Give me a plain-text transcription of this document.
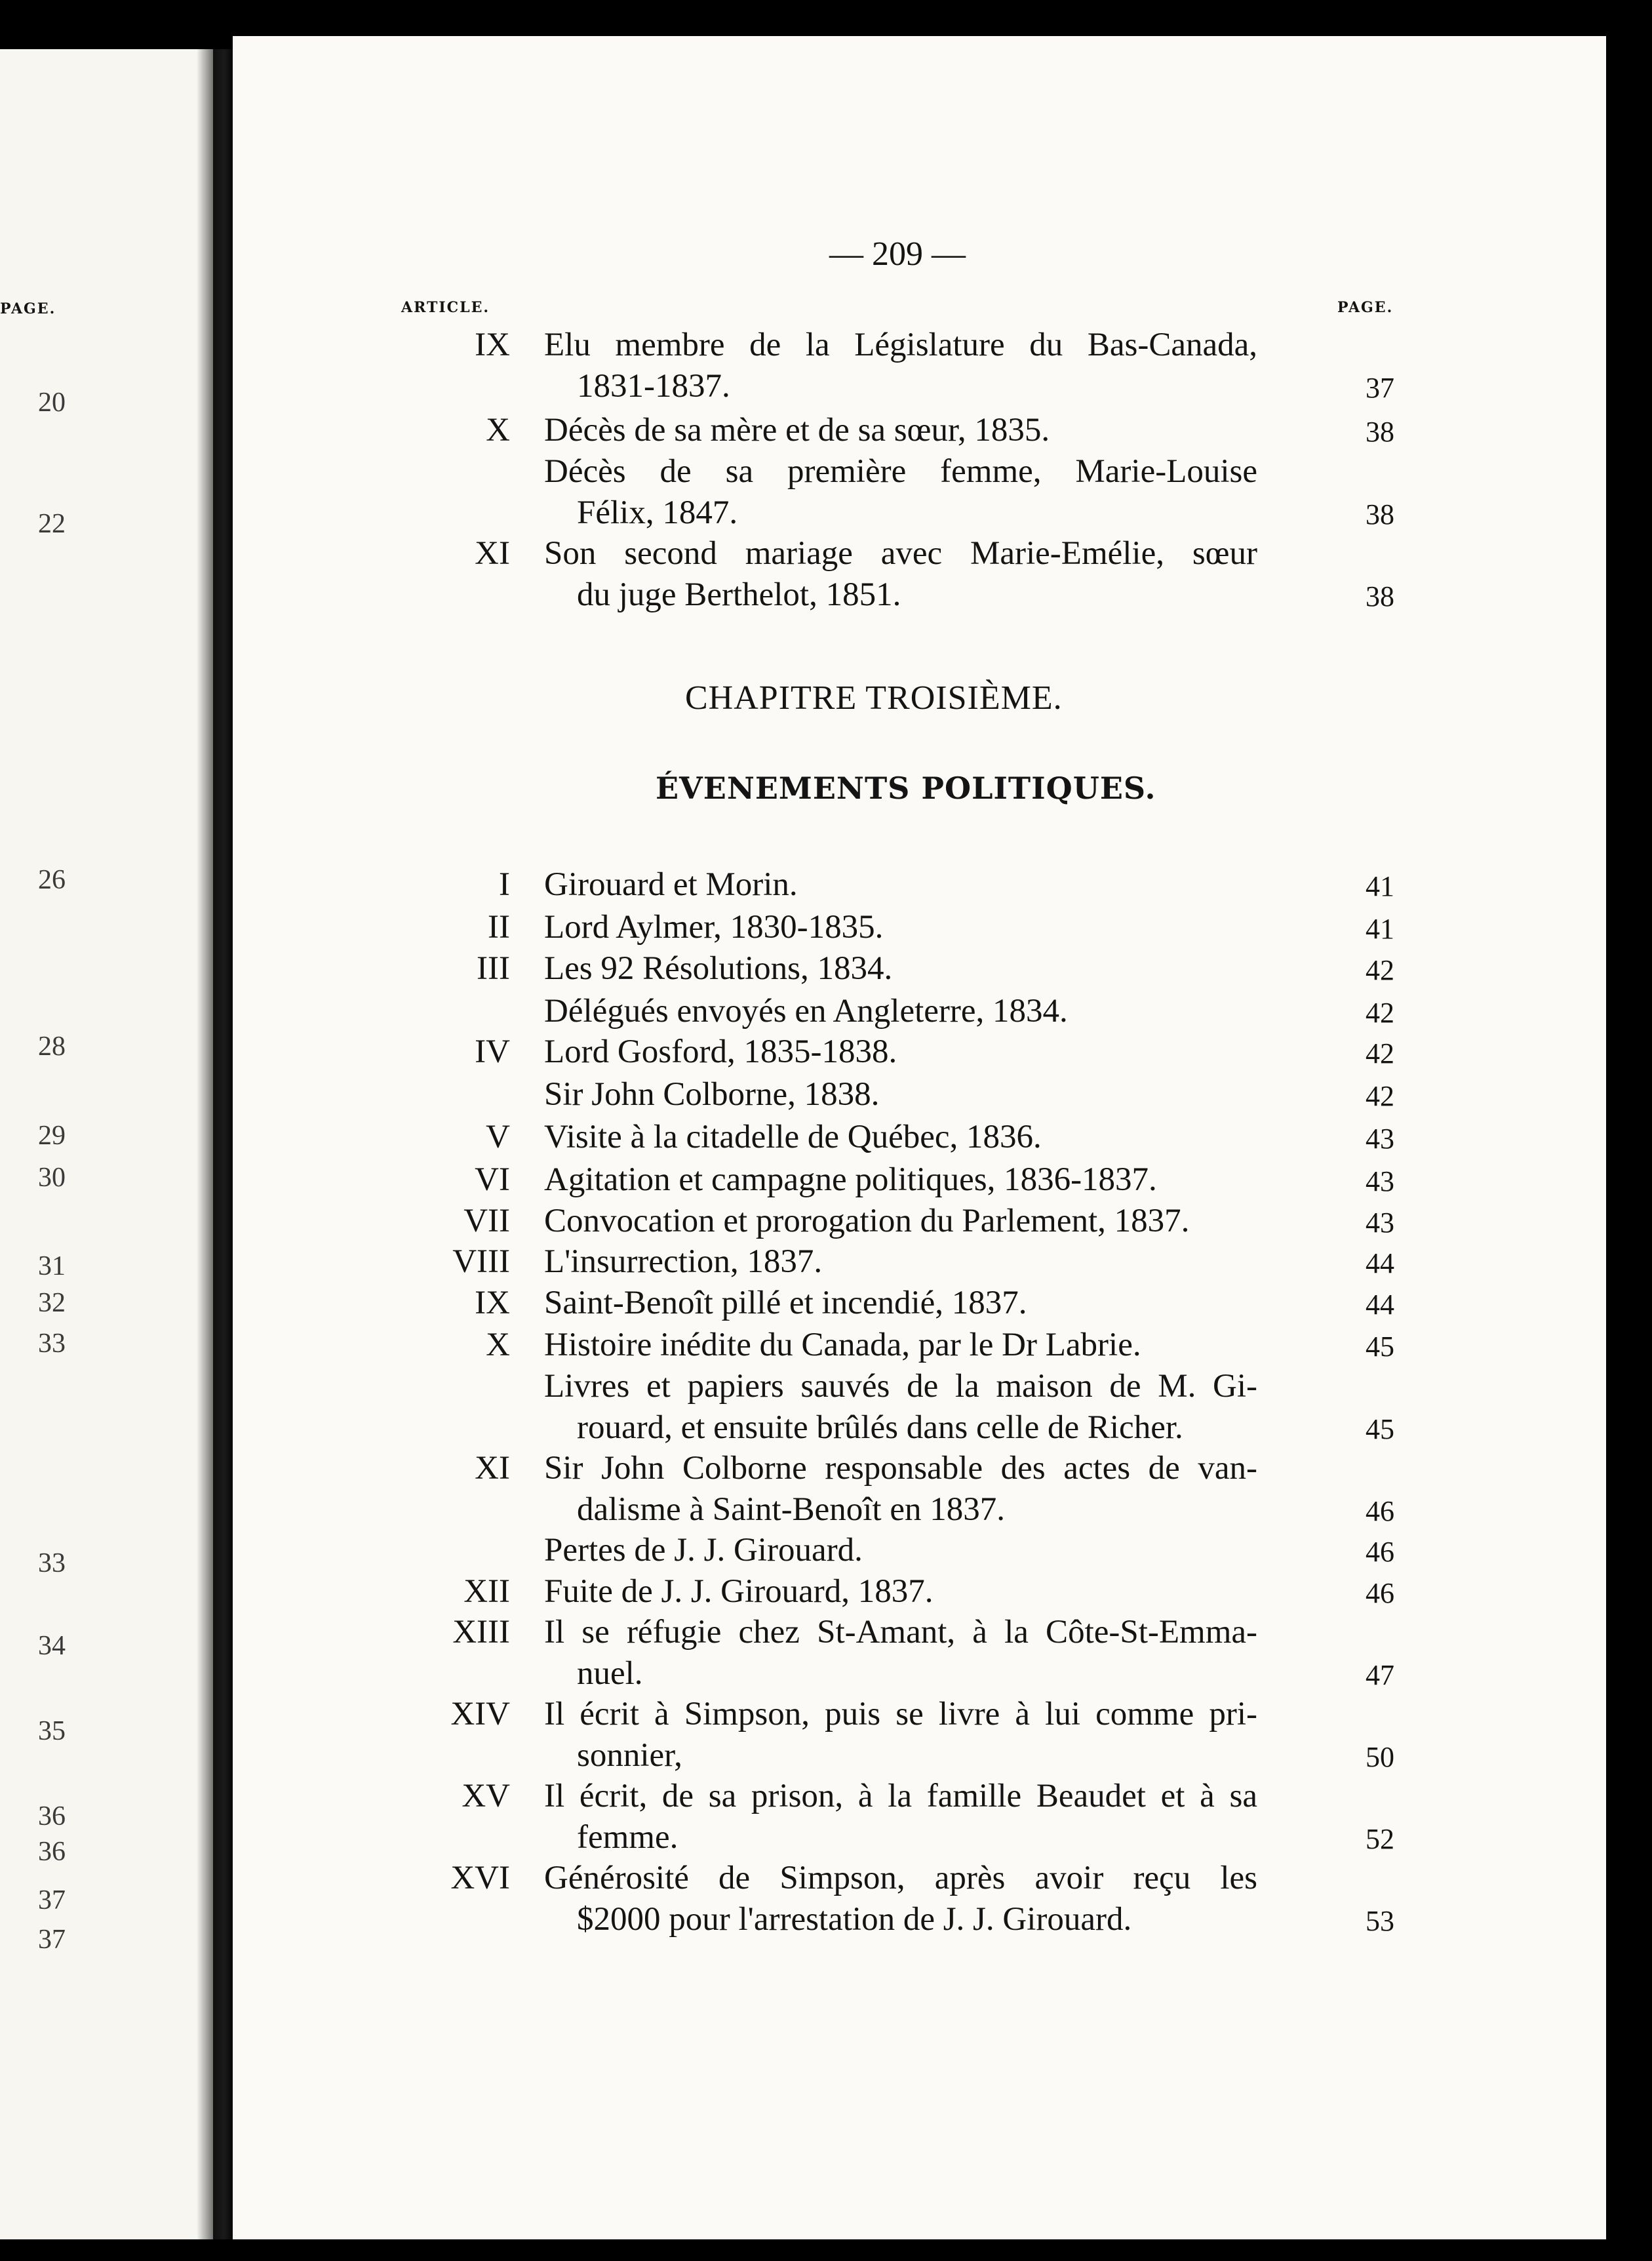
PAGE.
20
22
26
28
29
30
31
32
33
33
34
35
36
36
37
37
— 209 —
ARTICLE.	PAGE.
CHAPITRE TROISIÈME.
ÉVENEMENTS POLITIQUES.
IX Elu membre de la Législature du Bas-Canada,
1831-1837.	37
X Décès de sa mère et de sa sœur, 1835.	38
Décès de sa première femme, Marie-Louise
Félix, 1847.	38
XI Son second mariage avec Marie-Emélie, sœur
du juge Berthelot, 1851.	38
I Girouard et Morin.	41
II Lord Aylmer, 1830-1835.	41
III Les 92 Résolutions, 1834.	42
Délégués envoyés en Angleterre, 1834.	42
IV Lord Gosford, 1835-1838.	42
Sir John Colborne, 1838.	42
V Visite à la citadelle de Québec, 1836.	43
VI Agitation et campagne politiques, 1836-1837.	43
VII Convocation et prorogation du Parlement, 1837.	43
VIII L'insurrection, 1837.	44
IX Saint-Benoît pillé et incendié, 1837.	44
X Histoire inédite du Canada, par le Dr Labrie.	45
Livres et papiers sauvés de la maison de M. Gi-
rouard, et ensuite brûlés dans celle de Richer.	45
XI Sir John Colborne responsable des actes de van-
dalisme à Saint-Benoît en 1837.	46
Pertes de J. J. Girouard.	46
XII Fuite de J. J. Girouard, 1837.	46
XIII Il se réfugie chez St-Amant, à la Côte-St-Emma-
nuel.	47
XIV Il écrit à Simpson, puis se livre à lui comme pri-
sonnier,	50
XV Il écrit, de sa prison, à la famille Beaudet et à sa
femme.	52
XVI Générosité de Simpson, après avoir reçu les
$2000 pour l'arrestation de J. J. Girouard.	53
